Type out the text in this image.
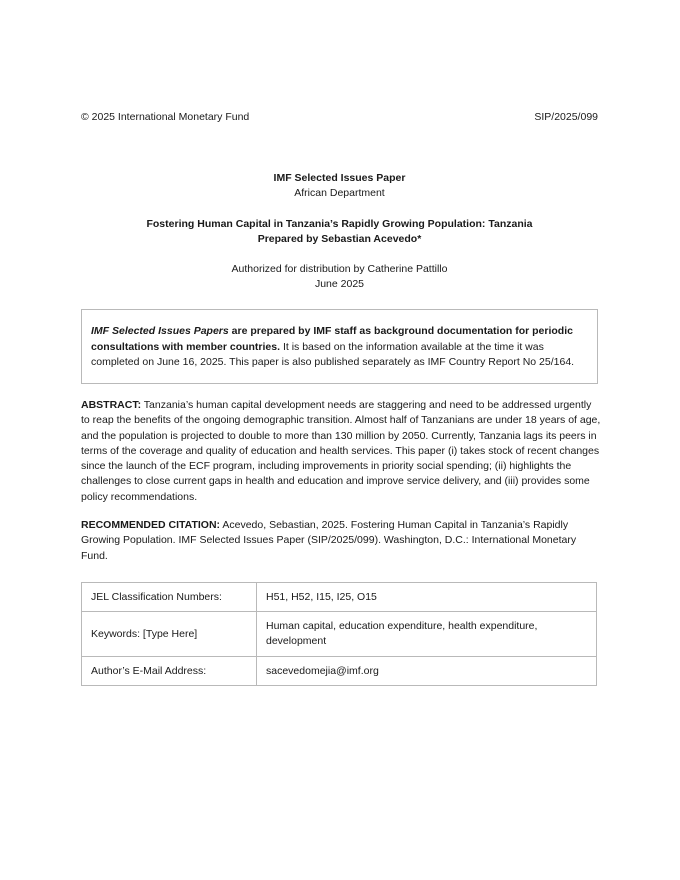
© 2025 International Monetary Fund	SIP/2025/099
IMF Selected Issues Paper
African Department
Fostering Human Capital in Tanzania’s Rapidly Growing Population: Tanzania
Prepared by Sebastian Acevedo*
Authorized for distribution by Catherine Pattillo
June 2025
IMF Selected Issues Papers are prepared by IMF staff as background documentation for periodic consultations with member countries. It is based on the information available at the time it was completed on June 16, 2025. This paper is also published separately as IMF Country Report No 25/164.
ABSTRACT: Tanzania’s human capital development needs are staggering and need to be addressed urgently to reap the benefits of the ongoing demographic transition. Almost half of Tanzanians are under 18 years of age, and the population is projected to double to more than 130 million by 2050. Currently, Tanzania lags its peers in terms of the coverage and quality of education and health services. This paper (i) takes stock of recent changes since the launch of the ECF program, including improvements in priority social spending; (ii) highlights the challenges to close current gaps in health and education and improve service delivery, and (iii) provides some policy recommendations.
RECOMMENDED CITATION: Acevedo, Sebastian, 2025. Fostering Human Capital in Tanzania’s Rapidly Growing Population. IMF Selected Issues Paper (SIP/2025/099). Washington, D.C.: International Monetary Fund.
JEL Classification Numbers:	H51, H52, I15, I25, O15
Keywords: [Type Here]	Human capital, education expenditure, health expenditure, development
Author’s E-Mail Address:	sacevedomejia@imf.org
